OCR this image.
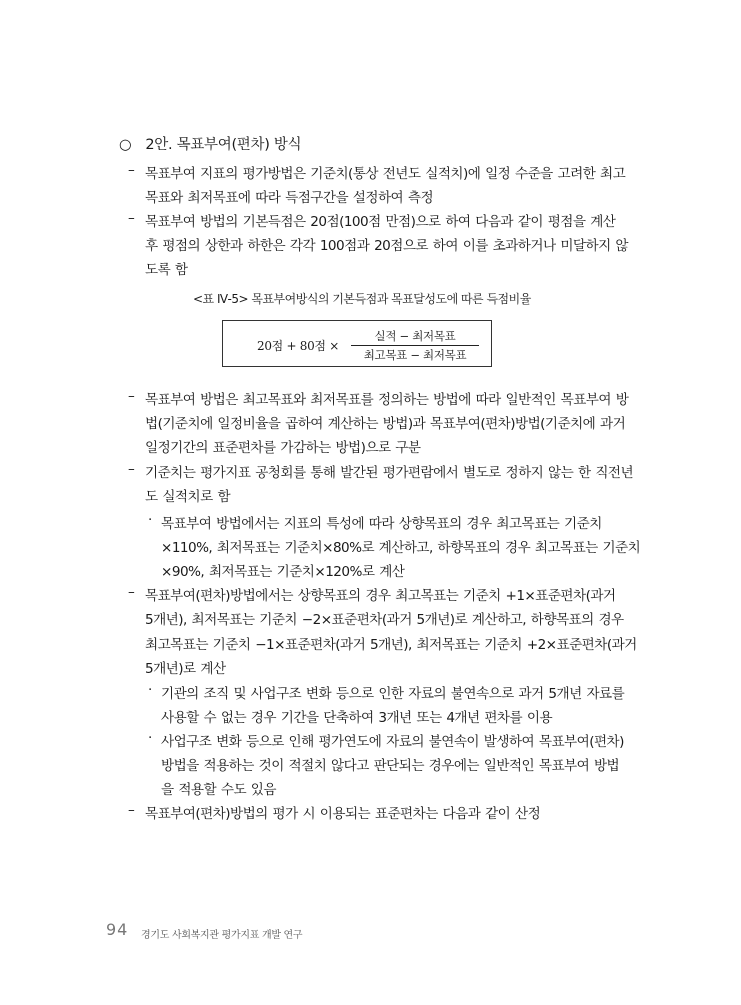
○ 2안. 목표부여(편차) 방식
– 목표부여 지표의 평가방법은 기준치(통상 전년도 실적치)에 일정 수준을 고려한 최고
목표와 최저목표에 따라 득점구간을 설정하여 측정
– 목표부여 방법의 기본득점은 20점(100점 만점)으로 하여 다음과 같이 평점을 계산
후 평점의 상한과 하한은 각각 100점과 20점으로 하여 이를 초과하거나 미달하지 않
도록 함
<표 Ⅳ-5> 목표부여방식의 기본득점과 목표달성도에 따른 득점비율
20점 + 80점 ×
실적 − 최저목표
최고목표 − 최저목표
– 목표부여 방법은 최고목표와 최저목표를 정의하는 방법에 따라 일반적인 목표부여 방
법(기준치에 일정비율을 곱하여 계산하는 방법)과 목표부여(편차)방법(기준치에 과거
일정기간의 표준편차를 가감하는 방법)으로 구분
– 기준치는 평가지표 공청회를 통해 발간된 평가편람에서 별도로 정하지 않는 한 직전년
도 실적치로 함
· 목표부여 방법에서는 지표의 특성에 따라 상향목표의 경우 최고목표는 기준치
×110%, 최저목표는 기준치×80%로 계산하고, 하향목표의 경우 최고목표는 기준치
×90%, 최저목표는 기준치×120%로 계산
– 목표부여(편차)방법에서는 상향목표의 경우 최고목표는 기준치 +1×표준편차(과거
5개년), 최저목표는 기준치 −2×표준편차(과거 5개년)로 계산하고, 하향목표의 경우
최고목표는 기준치 −1×표준편차(과거 5개년), 최저목표는 기준치 +2×표준편차(과거
5개년)로 계산
· 기관의 조직 및 사업구조 변화 등으로 인한 자료의 불연속으로 과거 5개년 자료를
사용할 수 없는 경우 기간을 단축하여 3개년 또는 4개년 편차를 이용
· 사업구조 변화 등으로 인해 평가연도에 자료의 불연속이 발생하여 목표부여(편차)
방법을 적용하는 것이 적절치 않다고 판단되는 경우에는 일반적인 목표부여 방법
을 적용할 수도 있음
– 목표부여(편차)방법의 평가 시 이용되는 표준편차는 다음과 같이 산정
94 경기도 사회복지관 평가지표 개발 연구
